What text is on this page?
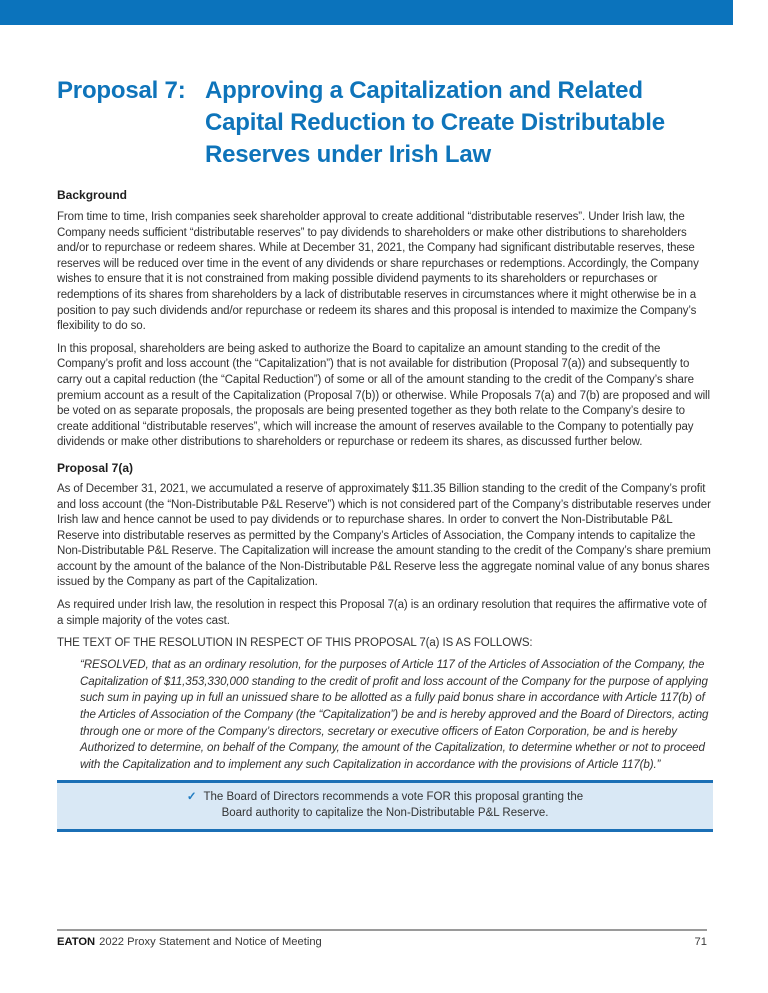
Proposal 7: Approving a Capitalization and Related
Capital Reduction to Create Distributable
Reserves under Irish Law
Background

From time to time, Irish companies seek shareholder approval to create additional “distributable reserves”. Under Irish law, the Company needs sufficient “distributable reserves” to pay dividends to shareholders or make other distributions to shareholders and/or to repurchase or redeem shares. While at December 31, 2021, the Company had significant distributable reserves, these reserves will be reduced over time in the event of any dividends or share repurchases or redemptions. Accordingly, the Company wishes to ensure that it is not constrained from making possible dividend payments to its shareholders or repurchases or redemptions of its shares from shareholders by a lack of distributable reserves in circumstances where it might otherwise be in a position to pay such dividends and/or repurchase or redeem its shares and this proposal is intended to maximize the Company’s flexibility to do so.

In this proposal, shareholders are being asked to authorize the Board to capitalize an amount standing to the credit of the Company’s profit and loss account (the “Capitalization”) that is not available for distribution (Proposal 7(a)) and subsequently to carry out a capital reduction (the “Capital Reduction”) of some or all of the amount standing to the credit of the Company’s share premium account as a result of the Capitalization (Proposal 7(b)) or otherwise. While Proposals 7(a) and 7(b) are proposed and will be voted on as separate proposals, the proposals are being presented together as they both relate to the Company’s desire to create additional “distributable reserves”, which will increase the amount of reserves available to the Company to potentially pay dividends or make other distributions to shareholders or repurchase or redeem its shares, as discussed further below.

Proposal 7(a)

As of December 31, 2021, we accumulated a reserve of approximately $11.35 Billion standing to the credit of the Company’s profit and loss account (the “Non-Distributable P&L Reserve”) which is not considered part of the Company’s distributable reserves under Irish law and hence cannot be used to pay dividends or to repurchase shares. In order to convert the Non-Distributable P&L Reserve into distributable reserves as permitted by the Company’s Articles of Association, the Company intends to capitalize the Non-Distributable P&L Reserve. The Capitalization will increase the amount standing to the credit of the Company’s share premium account by the amount of the balance of the Non-Distributable P&L Reserve less the aggregate nominal value of any bonus shares issued by the Company as part of the Capitalization.

As required under Irish law, the resolution in respect this Proposal 7(a) is an ordinary resolution that requires the affirmative vote of a simple majority of the votes cast.

THE TEXT OF THE RESOLUTION IN RESPECT OF THIS PROPOSAL 7(a) IS AS FOLLOWS:

“RESOLVED, that as an ordinary resolution, for the purposes of Article 117 of the Articles of Association of the Company, the Capitalization of $11,353,330,000 standing to the credit of profit and loss account of the Company for the purpose of applying such sum in paying up in full an unissued share to be allotted as a fully paid bonus share in accordance with Article 117(b) of the Articles of Association of the Company (the “Capitalization”) be and is hereby approved and the Board of Directors, acting through one or more of the Company’s directors, secretary or executive officers of Eaton Corporation, be and is hereby Authorized to determine, on behalf of the Company, the amount of the Capitalization, to determine whether or not to proceed with the Capitalization and to implement any such Capitalization in accordance with the provisions of Article 117(b).”
✓ The Board of Directors recommends a vote FOR this proposal granting the
Board authority to capitalize the Non-Distributable P&L Reserve.
EATON 2022 Proxy Statement and Notice of Meeting	71
